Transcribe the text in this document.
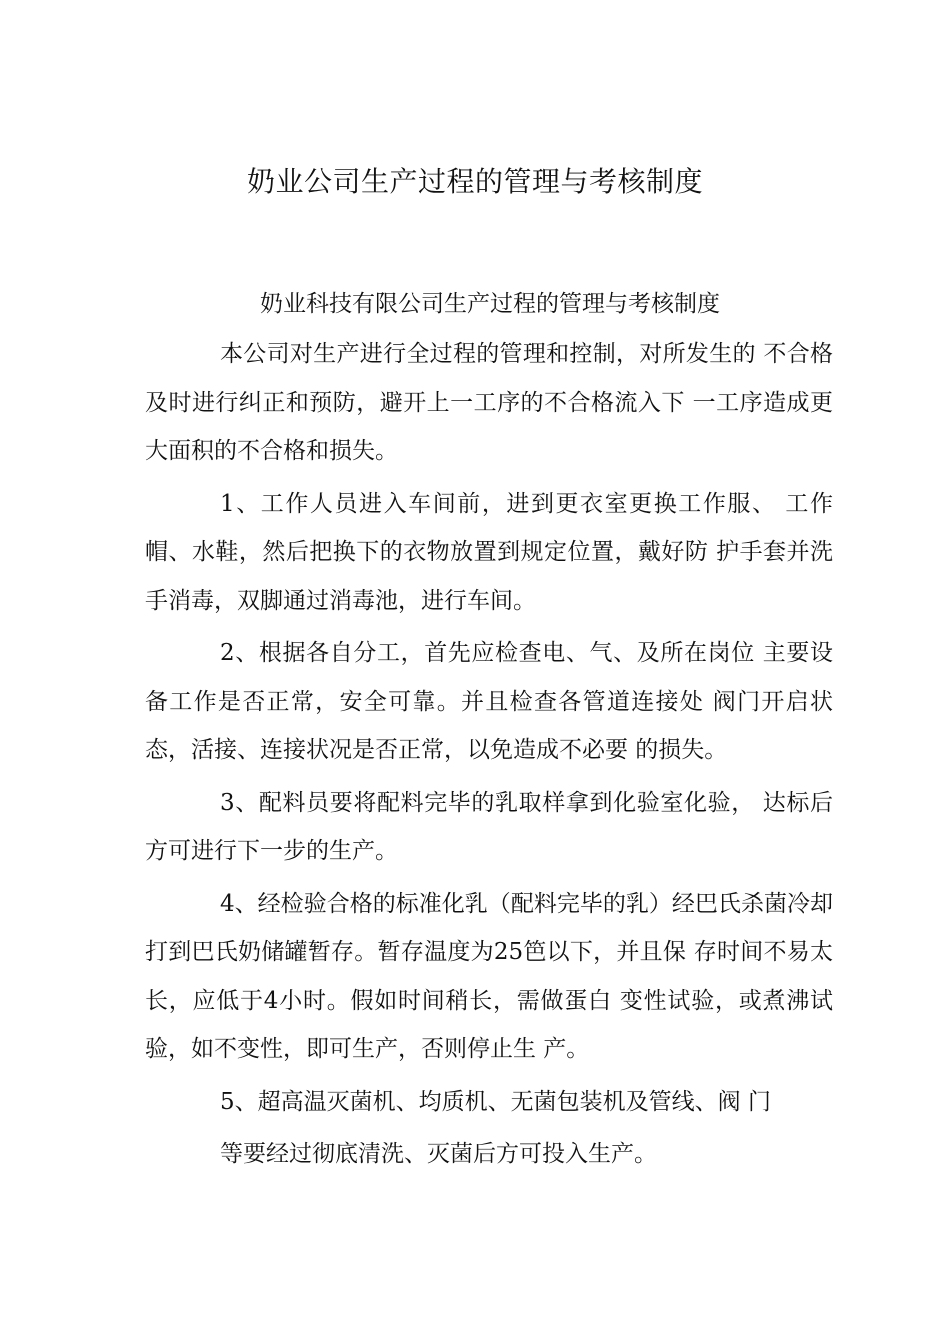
奶业公司生产过程的管理与考核制度
奶业科技有限公司生产过程的管理与考核制度

本公司对生产进行全过程的管理和控制，对所发生的 不合格及时进行纠正和预防，避开上一工序的不合格流入下 一工序造成更大面积的不合格和损失。

1、工作人员进入车间前，进到更衣室更换工作服、 工作帽、水鞋，然后把换下的衣物放置到规定位置，戴好防 护手套并洗手消毒，双脚通过消毒池，进行车间。

2、根据各自分工，首先应检查电、气、及所在岗位 主要设备工作是否正常，安全可靠。并且检查各管道连接处 阀门开启状态，活接、连接状况是否正常，以免造成不必要 的损失。

3、配料员要将配料完毕的乳取样拿到化验室化验， 达标后方可进行下一步的生产。

4、经检验合格的标准化乳（配料完毕的乳）经巴氏杀菌冷却打到巴氏奶储罐暂存。暂存温度为25笆以下，并且保 存时间不易太长，应低于4小时。假如时间稍长，需做蛋白 变性试验，或煮沸试验，如不变性，即可生产，否则停止生 产。

5、超高温灭菌机、均质机、无菌包装机及管线、阀 门

等要经过彻底清洗、灭菌后方可投入生产。
